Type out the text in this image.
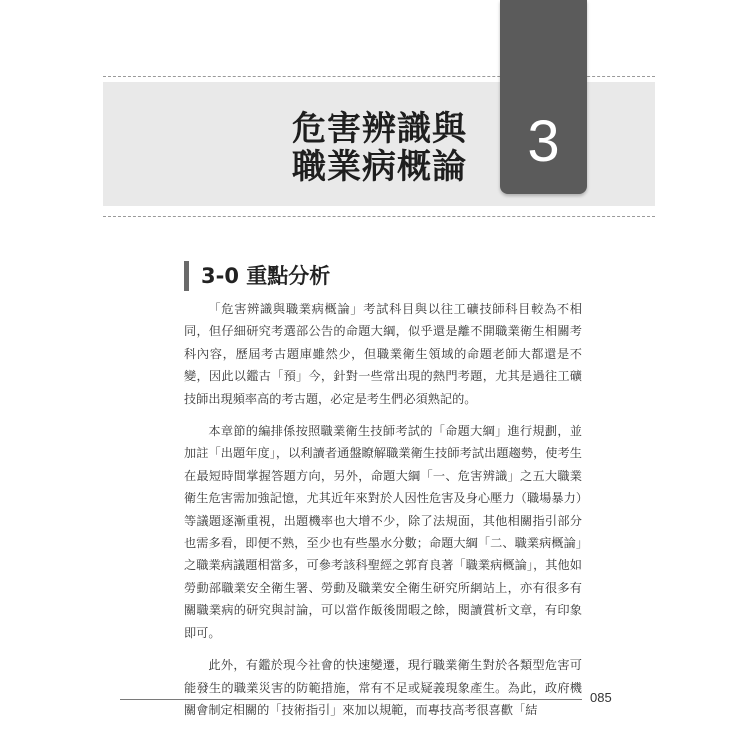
危害辨識與
職業病概論	3
3-0 重點分析

「危害辨識與職業病概論」考試科目與以往工礦技師科目較為不相同，但仔細研究考選部公告的命題大綱，似乎還是離不開職業衛生相關考科內容，歷屆考古題庫雖然少，但職業衛生領域的命題老師大都還是不變，因此以鑑古「預」今，針對一些常出現的熱門考題，尤其是過往工礦技師出現頻率高的考古題，必定是考生們必須熟記的。

本章節的編排係按照職業衛生技師考試的「命題大綱」進行規劃，並加註「出題年度」，以利讀者通盤瞭解職業衛生技師考試出題趨勢，使考生在最短時間掌握答題方向，另外，命題大綱「一、危害辨識」之五大職業衛生危害需加強記憶，尤其近年來對於人因性危害及身心壓力（職場暴力）等議題逐漸重視，出題機率也大增不少，除了法規面，其他相關指引部分也需多看，即便不熟，至少也有些墨水分數；命題大綱「二、職業病概論」之職業病議題相當多，可參考該科聖經之郭育良著「職業病概論」，其他如勞動部職業安全衛生署、勞動及職業安全衛生研究所網站上，亦有很多有關職業病的研究與討論，可以當作飯後閒暇之餘，閱讀賞析文章，有印象即可。

此外，有鑑於現今社會的快速變遷，現行職業衛生對於各類型危害可能發生的職業災害的防範措施，常有不足或疑義現象產生。為此，政府機關會制定相關的「技術指引」來加以規範，而專技高考很喜歡「結

085
